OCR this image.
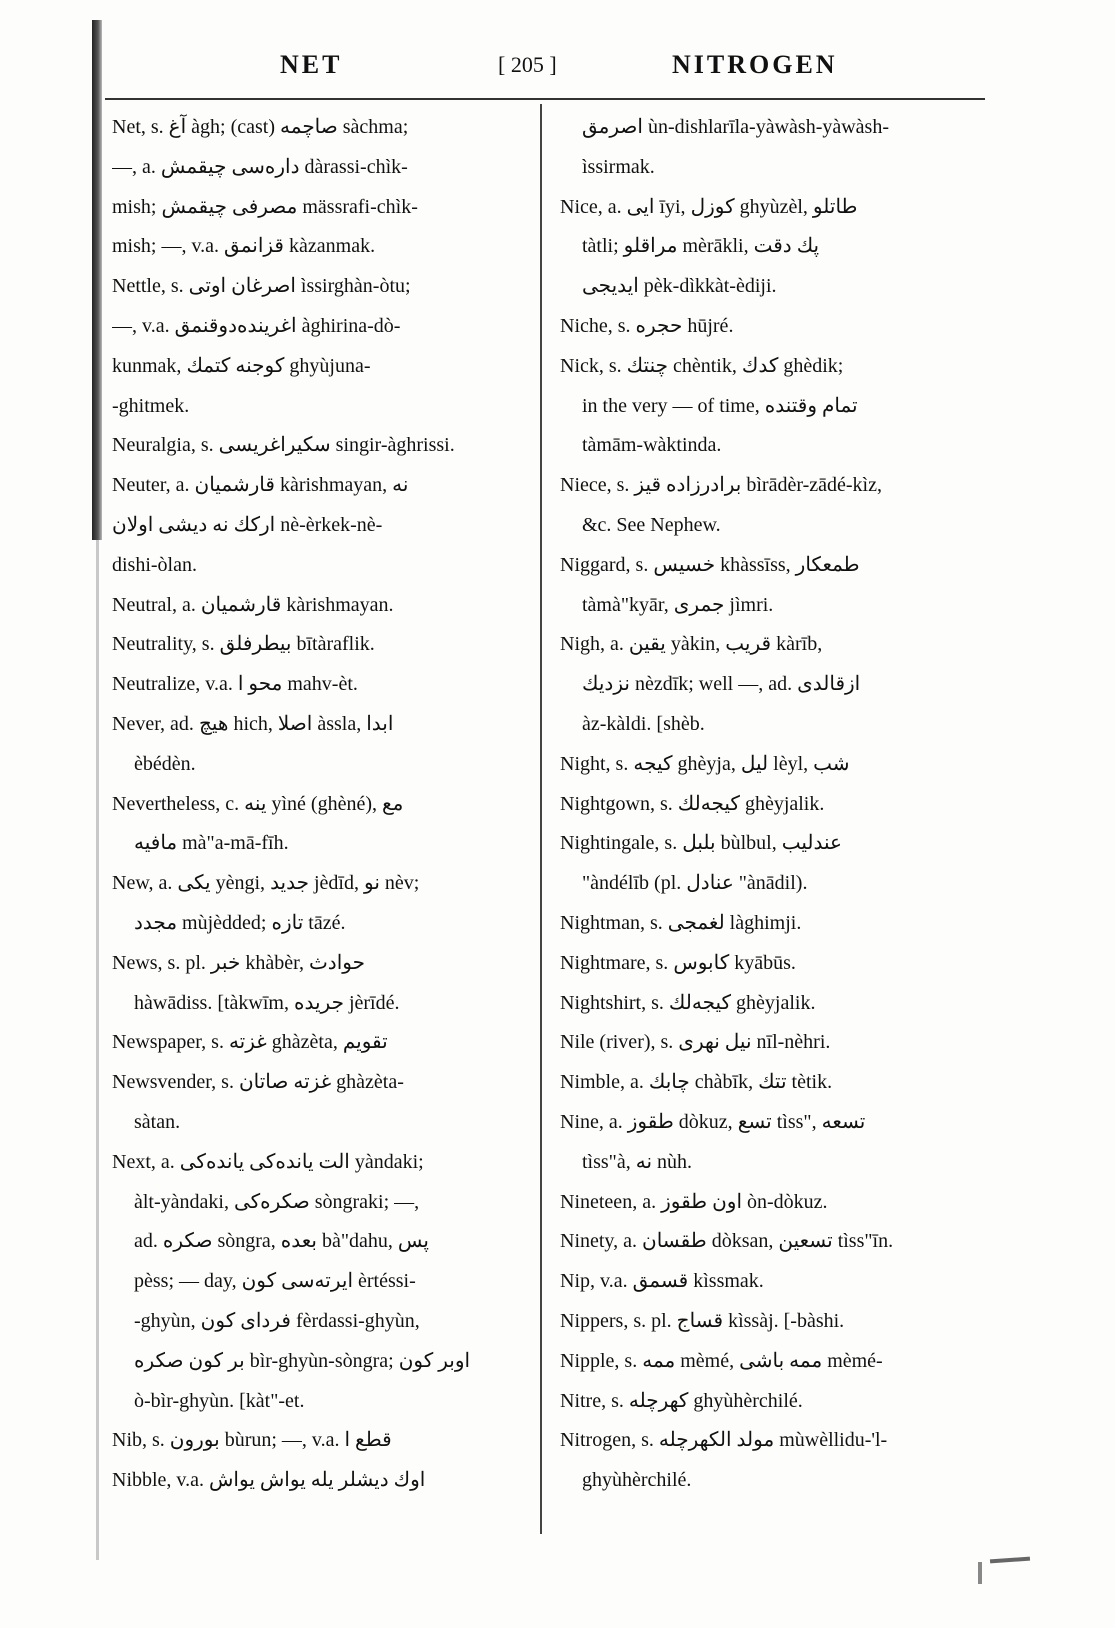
NET	[ 205 ]	NITROGEN
Net, s. آغ àgh; (cast) صاچمه sàchma;
—, a. دارەسی چیقمش dàrassi-chìk-
mish; مصرفی چیقمش mässrafi-chìk-
mish; —, v.a. قزانمق kàzanmak.
Nettle, s. اصرغان اوتی ìssirghàn-òtu;
—, v.a. اغریندەدوقنمق àghirina-dò-
kunmak, کوجنه کتمك ghyùjuna-
-ghitmek.
Neuralgia, s. سکیراغریسی singir-àghrissi.
Neuter, a. قارشمیان kàrishmayan, نه
ارکك نه دیشی اولان nè-èrkek-nè-
dishi-òlan.
Neutral, a. قارشمیان kàrishmayan.
Neutrality, s. بیطرفلق bītàraflik.
Neutralize, v.a. محو ا mahv-èt.
Never, ad. هیچ hich, اصلا àssla, ابدا
èbédèn.
Nevertheless, c. ینه yìné (ghèné), مع
مافیه mà"a-mā-fīh.
New, a. یکی yèngi, جدید jèdīd, نو nèv;
مجدد mùjèdded; تازه tāzé.
News, s. pl. خبر khàbèr, حوادث
hàwādiss. [tàkwīm, جریده jèrīdé.
Newspaper, s. غزته ghàzèta, تقویم
Newsvender, s. غزته صاتان ghàzèta-
sàtan.
Next, a. الت یاندەکی یاندەکی yàndaki;
àlt-yàndaki, صکرەکی sòngraki; —,
ad. صکره sòngra, بعده bà"dahu, پس
pèss; — day, ایرتەسی کون èrtéssi-
-ghyùn, فردای کون fèrdassi-ghyùn,
بر کون صکره bìr-ghyùn-sòngra; اوبر کون
ò-bìr-ghyùn. [kàt"-et.
Nib, s. بورون bùrun; —, v.a. قطع ا
Nibble, v.a. اوك دیشلر یله یواش یواش
اصرمق ùn-dishlarīla-yàwàsh-yàwàsh-
ìssirmak.
Nice, a. ایی īyi, کوزل ghyùzèl, طاتلو
tàtli; مراقلو mèrākli, پك دقت
ایدیجی pèk-dìkkàt-èdiji.
Niche, s. حجره hūjré.
Nick, s. چنتك chèntik, کدك ghèdik;
in the very — of time, تمام وقتنده
tàmām-wàktinda.
Niece, s. برادرزاده قیز bìrādèr-zādé-kìz,
&c. See Nephew.
Niggard, s. خسیس khàssīss, طمعکار
tàmà"kyār, جمری jìmri.
Nigh, a. یقین yàkin, قریب kàrīb,
نزدیك nèzdīk; well —, ad. ازقالدی
àz-kàldi. [shèb.
Night, s. کیجه ghèyja, لیل lèyl, شب
Nightgown, s. کیجەلك ghèyjalik.
Nightingale, s. بلبل bùlbul, عندلیب
"àndélīb (pl. عنادل "ànādil).
Nightman, s. لغمجی làghimji.
Nightmare, s. کابوس kyābūs.
Nightshirt, s. کیجەلك ghèyjalik.
Nile (river), s. نیل نهری nīl-nèhri.
Nimble, a. چابك chàbīk, تتك tètik.
Nine, a. طقوز dòkuz, تسع tìss", تسعه
tìss"à, نه nùh.
Nineteen, a. اون طقوز òn-dòkuz.
Ninety, a. طقسان dòksan, تسعین tìss"īn.
Nip, v.a. قسمق kìssmak.
Nippers, s. pl. قساج kìssàj. [-bàshi.
Nipple, s. ممه mèmé, ممه باشی mèmé-
Nitre, s. کهرچله ghyùhèrchilé.
Nitrogen, s. مولد الکهرچله mùwèllidu-'l-
ghyùhèrchilé.
